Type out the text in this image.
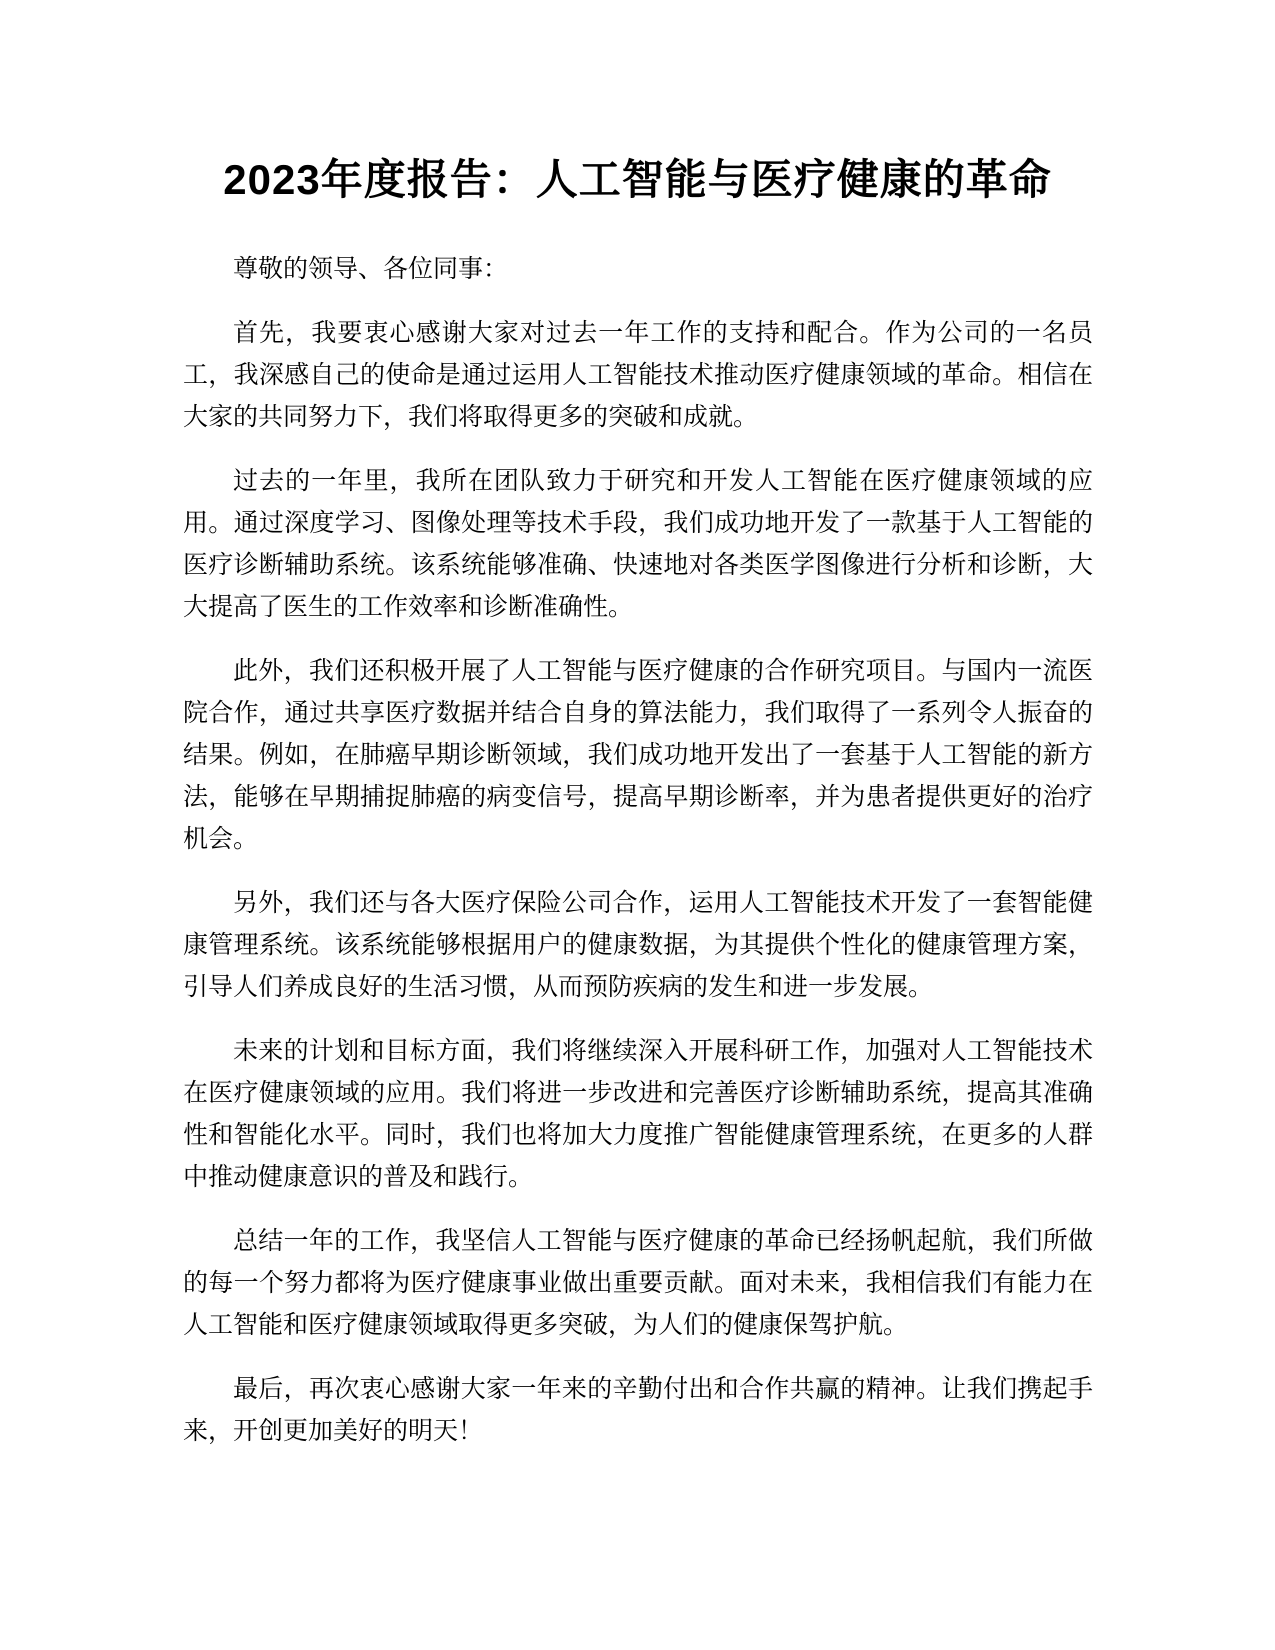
2023年度报告：人工智能与医疗健康的革命

尊敬的领导、各位同事：

首先，我要衷心感谢大家对过去一年工作的支持和配合。作为公司的一名员工，我深感自己的使命是通过运用人工智能技术推动医疗健康领域的革命。相信在大家的共同努力下，我们将取得更多的突破和成就。

过去的一年里，我所在团队致力于研究和开发人工智能在医疗健康领域的应用。通过深度学习、图像处理等技术手段，我们成功地开发了一款基于人工智能的医疗诊断辅助系统。该系统能够准确、快速地对各类医学图像进行分析和诊断，大大提高了医生的工作效率和诊断准确性。

此外，我们还积极开展了人工智能与医疗健康的合作研究项目。与国内一流医院合作，通过共享医疗数据并结合自身的算法能力，我们取得了一系列令人振奋的结果。例如，在肺癌早期诊断领域，我们成功地开发出了一套基于人工智能的新方法，能够在早期捕捉肺癌的病变信号，提高早期诊断率，并为患者提供更好的治疗机会。

另外，我们还与各大医疗保险公司合作，运用人工智能技术开发了一套智能健康管理系统。该系统能够根据用户的健康数据，为其提供个性化的健康管理方案，引导人们养成良好的生活习惯，从而预防疾病的发生和进一步发展。

未来的计划和目标方面，我们将继续深入开展科研工作，加强对人工智能技术在医疗健康领域的应用。我们将进一步改进和完善医疗诊断辅助系统，提高其准确性和智能化水平。同时，我们也将加大力度推广智能健康管理系统，在更多的人群中推动健康意识的普及和践行。

总结一年的工作，我坚信人工智能与医疗健康的革命已经扬帆起航，我们所做的每一个努力都将为医疗健康事业做出重要贡献。面对未来，我相信我们有能力在人工智能和医疗健康领域取得更多突破，为人们的健康保驾护航。

最后，再次衷心感谢大家一年来的辛勤付出和合作共赢的精神。让我们携起手来，开创更加美好的明天！
